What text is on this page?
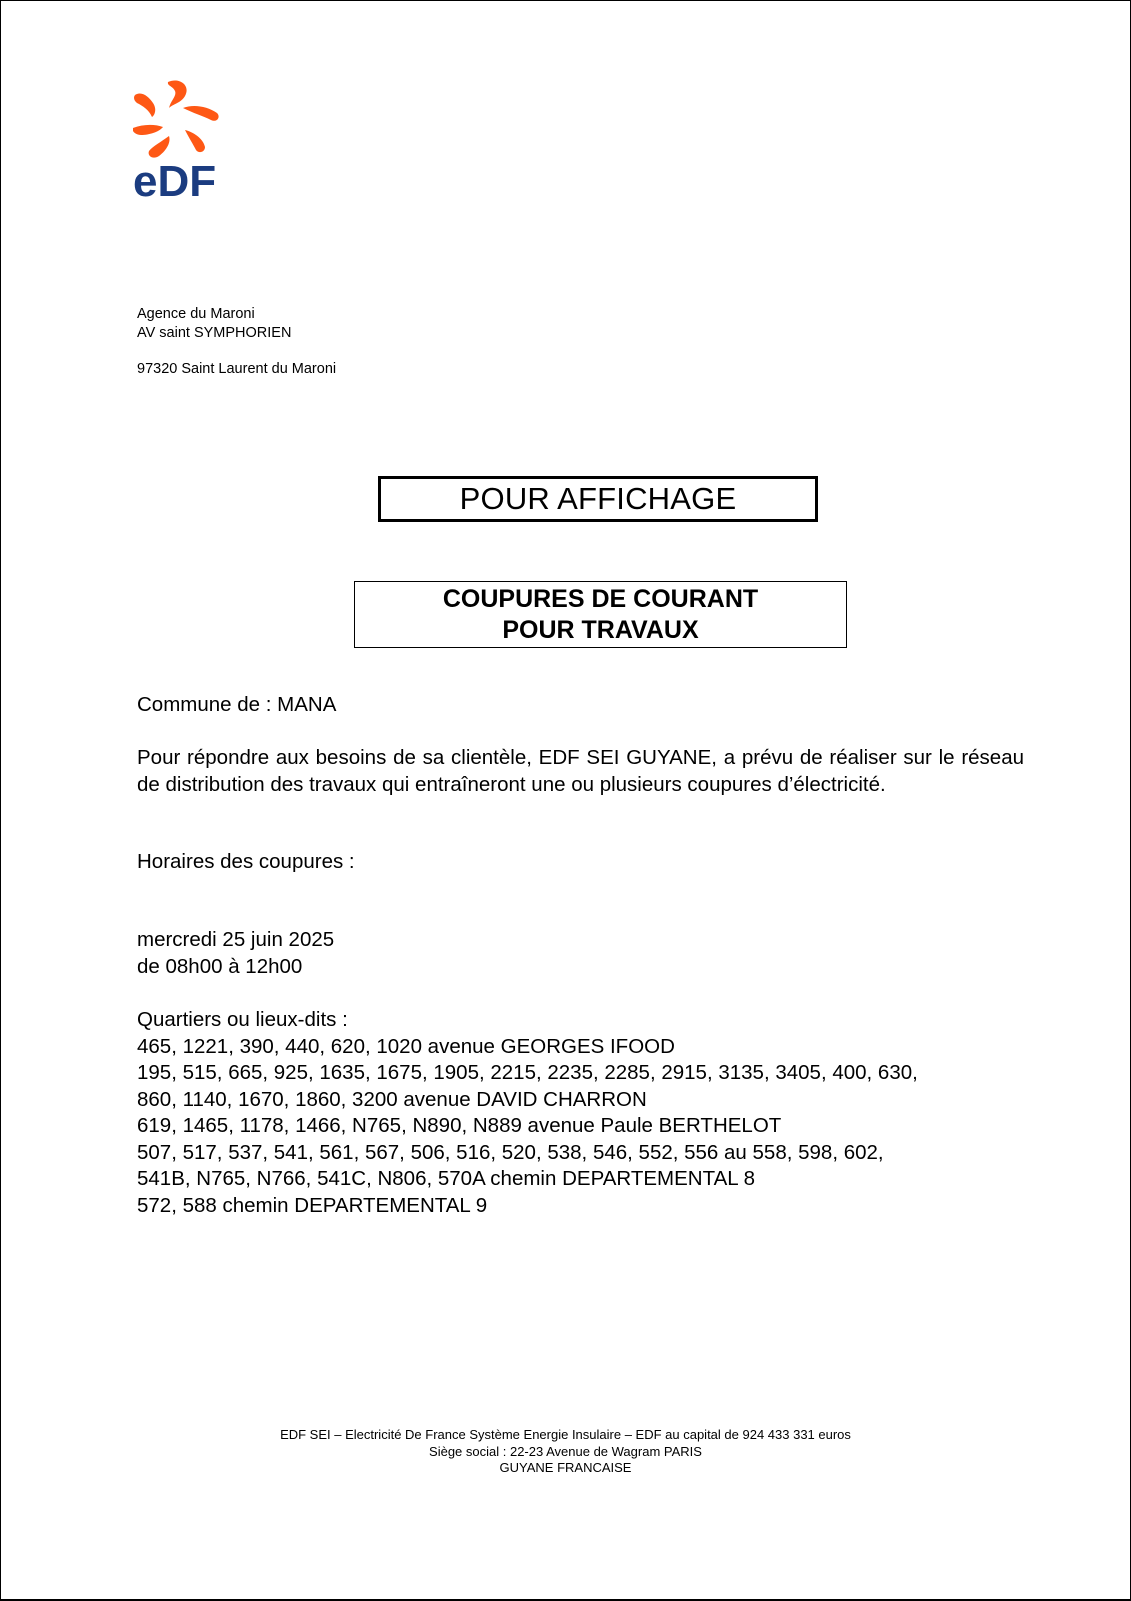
eDF
Agence du Maroni
AV saint SYMPHORIEN
97320 Saint Laurent du Maroni
POUR AFFICHAGE
COUPURES DE COURANT
POUR TRAVAUX
Commune de : MANA
Pour répondre aux besoins de sa clientèle, EDF SEI GUYANE, a prévu de réaliser sur le réseau de distribution des travaux qui entraîneront une ou plusieurs coupures d’électricité.
Horaires des coupures :
mercredi 25 juin 2025
de 08h00 à 12h00
Quartiers ou lieux-dits :
465, 1221, 390, 440, 620, 1020 avenue GEORGES IFOOD
195, 515, 665, 925, 1635, 1675, 1905, 2215, 2235, 2285, 2915, 3135, 3405, 400, 630,
860, 1140, 1670, 1860, 3200 avenue DAVID CHARRON
619, 1465, 1178, 1466, N765, N890, N889 avenue Paule BERTHELOT
507, 517, 537, 541, 561, 567, 506, 516, 520, 538, 546, 552, 556 au 558, 598, 602,
541B, N765, N766, 541C, N806, 570A chemin DEPARTEMENTAL 8
572, 588 chemin DEPARTEMENTAL 9
EDF SEI – Electricité De France Système Energie Insulaire – EDF au capital de 924 433 331 euros
Siège social : 22-23 Avenue de Wagram PARIS
GUYANE FRANCAISE
